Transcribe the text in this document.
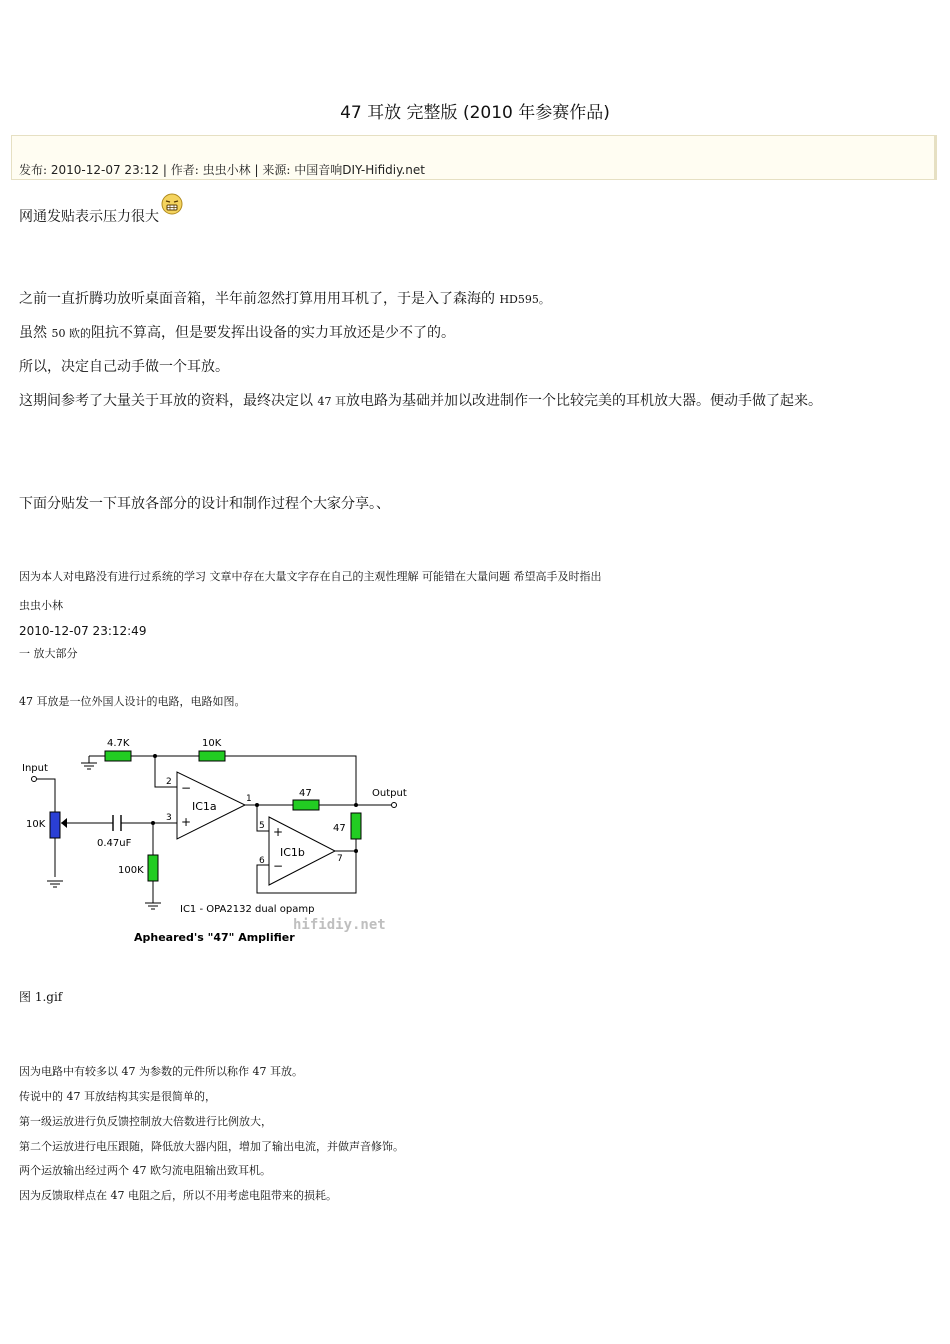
47 耳放 完整版 (2010 年参赛作品)
发布: 2010-12-07 23:12 | 作者: 虫虫小林 | 来源: 中国音响DIY-Hifidiy.net
网通发贴表示压力很大
之前一直折腾功放听桌面音箱，半年前忽然打算用用耳机了，于是入了森海的 HD595。
虽然 50 欧的阻抗不算高，但是要发挥出设备的实力耳放还是少不了的。
所以，决定自己动手做一个耳放。
这期间参考了大量关于耳放的资料，最终决定以 47 耳放电路为基础并加以改进制作一个比较完美的耳机放大器。便动手做了起来。
下面分贴发一下耳放各部分的设计和制作过程个大家分享。、
因为本人对电路没有进行过系统的学习 文章中存在大量文字存在自己的主观性理解 可能错在大量问题 希望高手及时指出
虫虫小林
2010-12-07 23:12:49
一 放大部分
47 耳放是一位外国人设计的电路，电路如图。
Input
Output
10K
4.7K	10K
0.47uF
100K
47
47
IC1a
IC1b
2
3
1
5
6	7
−
+
+
−
IC1 - OPA2132 dual opamp
hifidiy.net
Apheared's "47" Amplifier
图 1.gif
因为电路中有较多以 47 为参数的元件所以称作 47 耳放。
传说中的 47 耳放结构其实是很简单的，
第一级运放进行负反馈控制放大倍数进行比例放大，
第二个运放进行电压跟随，降低放大器内阻，增加了输出电流，并做声音修饰。
两个运放输出经过两个 47 欧匀流电阻输出致耳机。
因为反馈取样点在 47 电阻之后，所以不用考虑电阻带来的损耗。
